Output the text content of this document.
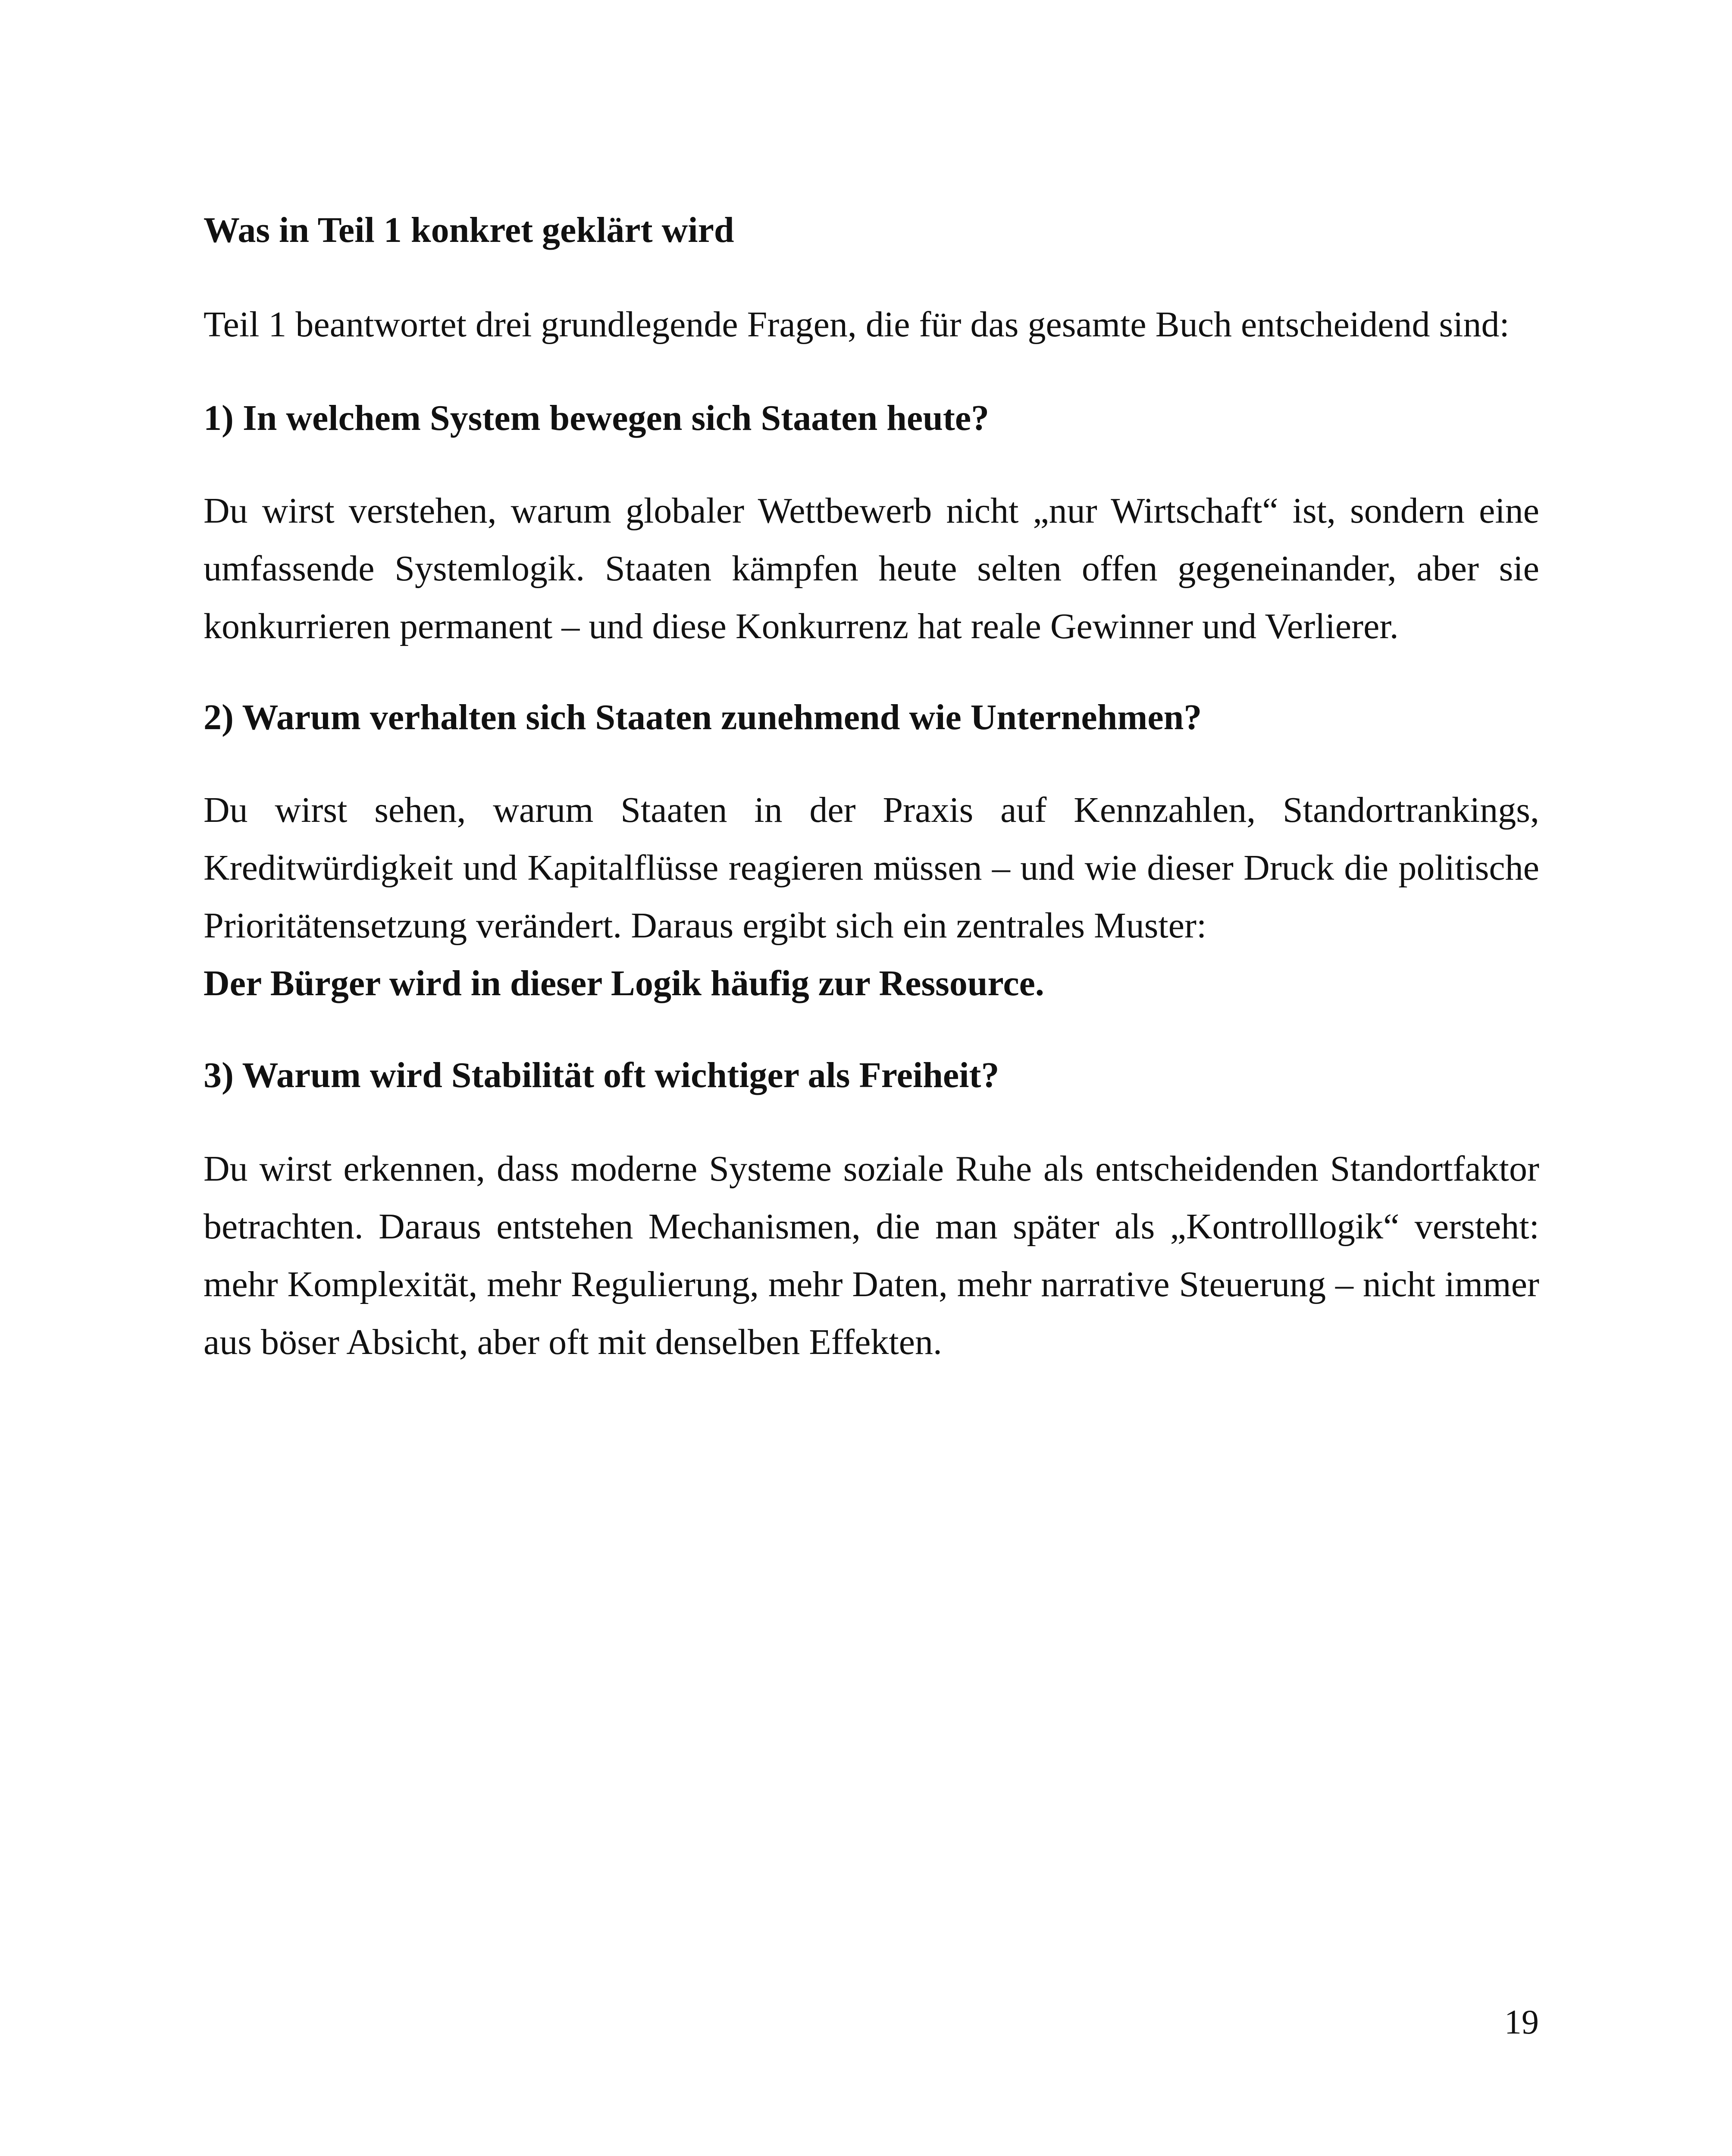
Was in Teil 1 konkret geklärt wird

Teil 1 beantwortet drei grundlegende Fragen, die für das gesamte Buch entscheidend sind:

1) In welchem System bewegen sich Staaten heute?

Du wirst verstehen, warum globaler Wettbewerb nicht „nur Wirtschaft“ ist, sondern eine umfassende Systemlogik. Staaten kämpfen heute selten offen gegeneinander, aber sie konkurrieren permanent – und diese Konkurrenz hat reale Gewinner und Verlierer.

2) Warum verhalten sich Staaten zunehmend wie Unternehmen?

Du wirst sehen, warum Staaten in der Praxis auf Kennzahlen, Standortrankings, Kreditwürdigkeit und Kapitalflüsse reagieren müssen – und wie dieser Druck die politische Prioritätensetzung verändert. Daraus ergibt sich ein zentrales Muster:

Der Bürger wird in dieser Logik häufig zur Ressource.

3) Warum wird Stabilität oft wichtiger als Freiheit?

Du wirst erkennen, dass moderne Systeme soziale Ruhe als entscheidenden Standortfaktor betrachten. Daraus entstehen Mechanismen, die man später als „Kontrolllogik“ versteht: mehr Komplexität, mehr Regulierung, mehr Daten, mehr narrative Steuerung – nicht immer aus böser Absicht, aber oft mit denselben Effekten.

19
